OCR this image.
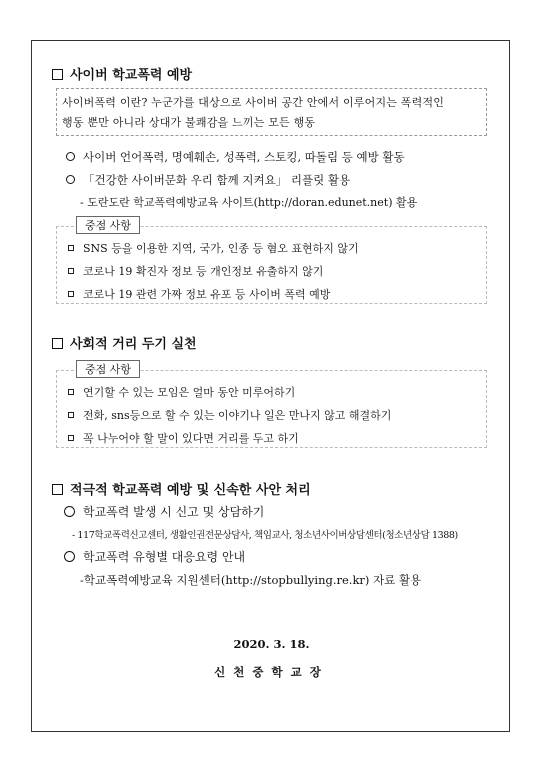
사이버 학교폭력 예방
사이버폭력 이란? 누군가를 대상으로 사이버 공간 안에서 이루어지는 폭력적인
행동 뿐만 아니라 상대가 불쾌감을 느끼는 모든 행동
사이버 언어폭력, 명예훼손, 성폭력, 스토킹, 따돌림 등 예방 활동
「건강한 사이버문화 우리 함께 지켜요」 리플릿 활용
- 도란도란 학교폭력예방교육 사이트(http://doran.edunet.net) 활용
중점 사항
SNS 등을 이용한 지역, 국가, 인종 등 혐오 표현하지 않기
코로나 19 확진자 정보 등 개인정보 유출하지 않기
코로나 19 관련 가짜 정보 유포 등 사이버 폭력 예방
사회적 거리 두기 실천
중점 사항
연기할 수 있는 모임은 얼마 동안 미루어하기
전화, sns등으로 할 수 있는 이야기나 일은 만나지 않고 해결하기
꼭 나누어야 할 말이 있다면 거리를 두고 하기
적극적 학교폭력 예방 및 신속한 사안 처리
학교폭력 발생 시 신고 및 상담하기
- 117학교폭력신고센터, 생활인권전문상담사, 책임교사, 청소년사이버상담센터(청소년상담 1388)
학교폭력 유형별 대응요령 안내
-학교폭력예방교육 지원센터(http://stopbullying.re.kr) 자료 활용
2020. 3. 18.
신천중학교장
